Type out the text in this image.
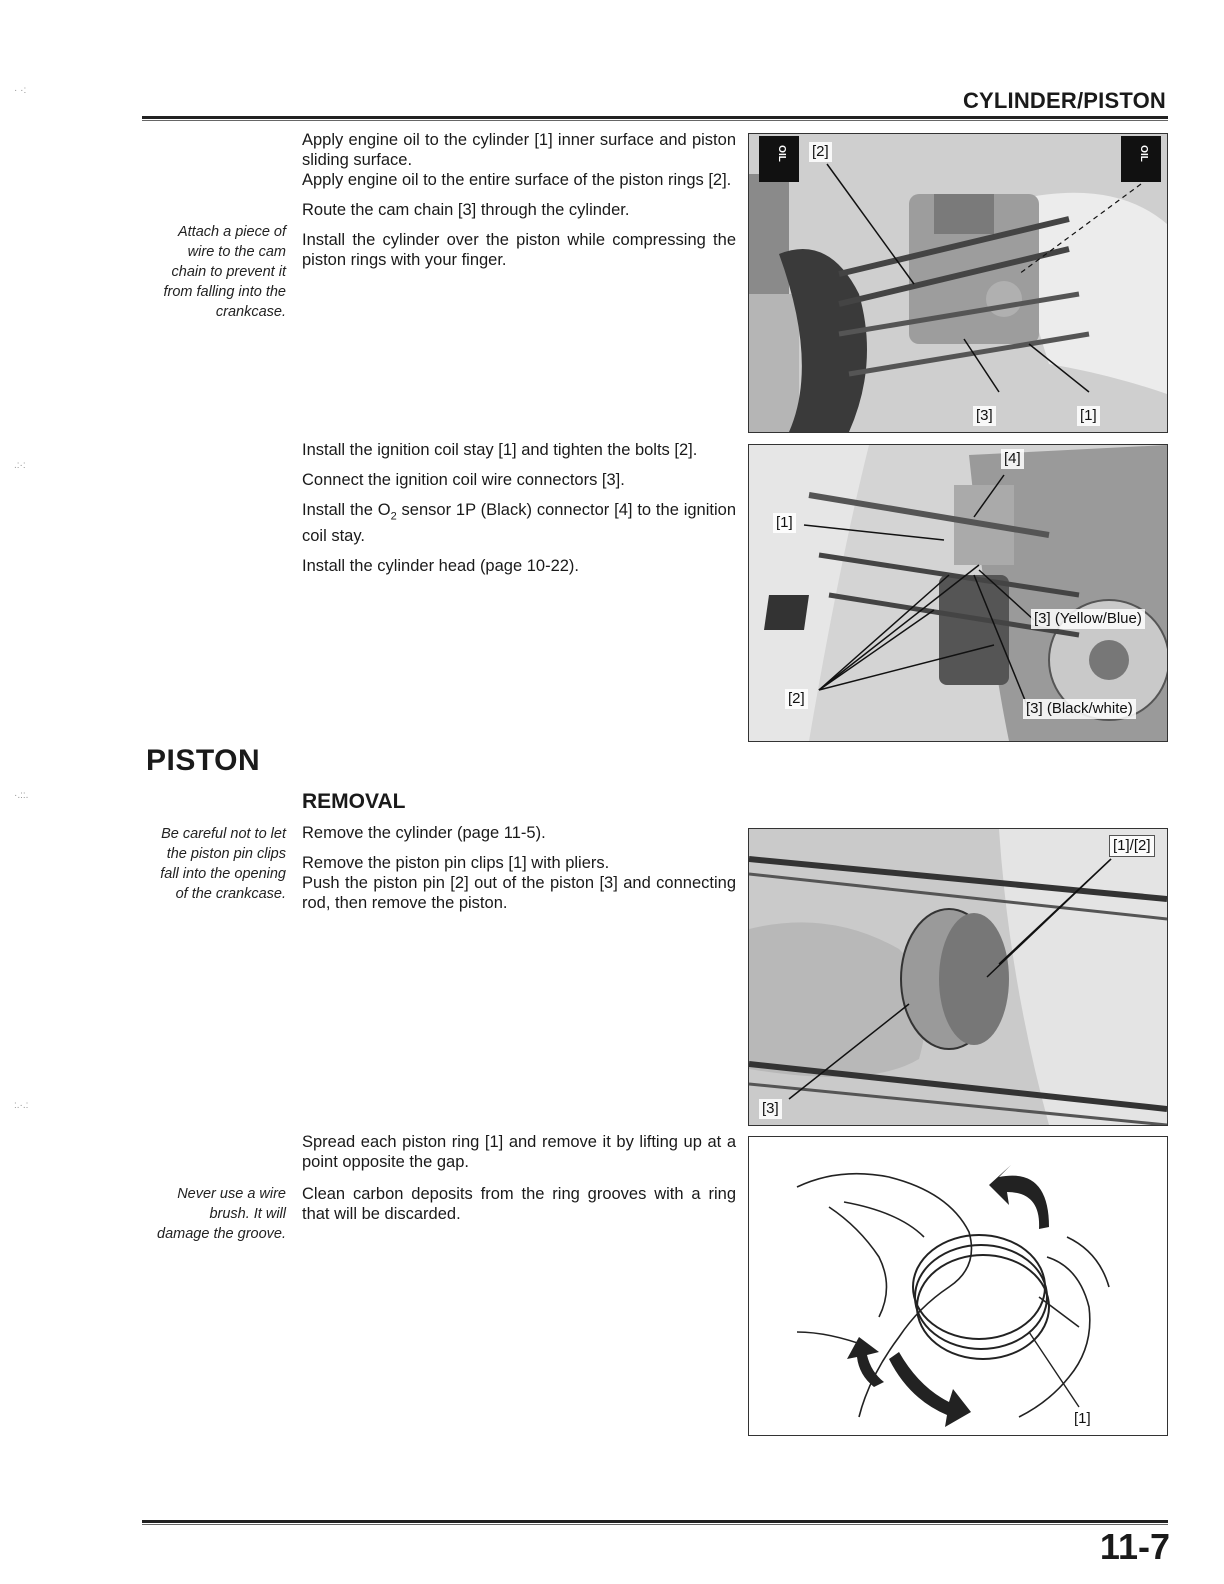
CYLINDER/PISTON
· ·:
.:·:
·.::.
:.·.:
Attach a piece of
wire to the cam
chain to prevent it
from falling into the
crankcase.

Apply engine oil to the cylinder [1] inner surface and piston sliding surface.

Apply engine oil to the entire surface of the piston rings [2].

Route the cam chain [3] through the cylinder.

Install the cylinder over the piston while compressing the piston rings with your finger.

OIL	OIL
[2]
[3]	[1]

Install the ignition coil stay [1] and tighten the bolts [2].

Connect the ignition coil wire connectors [3].

Install the $O_2$ sensor 1P (Black) connector [4] to the ignition coil stay.

Install the cylinder head (page 10-22).

[4]
[1]
[2]
[3] (Yellow/Blue)
[3] (Black/white)
PISTON
REMOVAL
Be careful not to let
the piston pin clips
fall into the opening
of the crankcase.

Remove the cylinder (page 11-5).

Remove the piston pin clips [1] with pliers.

Push the piston pin [2] out of the piston [3] and connecting rod, then remove the piston.

[1]/[2]
[3]

Spread each piston ring [1] and remove it by lifting up at a point opposite the gap.

Clean carbon deposits from the ring grooves with a ring that will be discarded.

Never use a wire
brush. It will
damage the groove.
[1]
11-7
